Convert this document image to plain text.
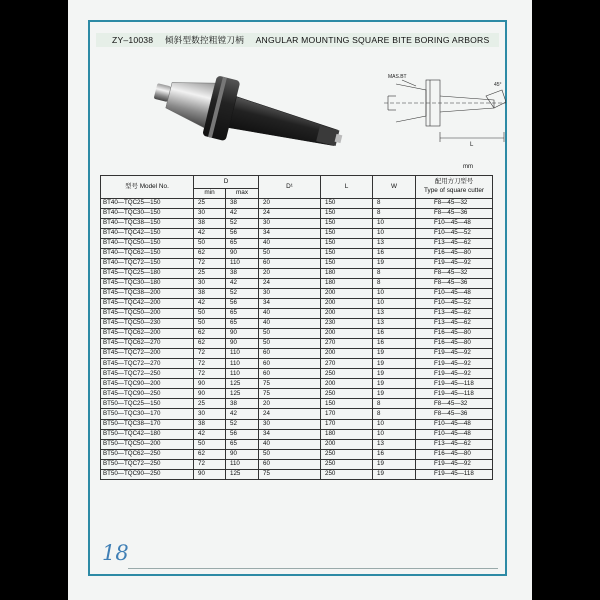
ZY–10038 倾斜型数控粗镗刀柄 ANGULAR MOUNTING SQUARE BITE BORING ARBORS
MAS.BT
L
45°
mm
型号 Model No.	D		D¹	L	W	配用方刀型号
Type of square cutter

	min	max				
BT40—TQC25—150	25	38	20	150	8	F8—45—32
BT40—TQC30—150	30	42	24	150	8	F8—45—36
BT40—TQC38—150	38	52	30	150	10	F10—45—48
BT40—TQC42—150	42	56	34	150	10	F10—45—52
BT40—TQC50—150	50	65	40	150	13	F13—45—62
BT40—TQC62—150	62	90	50	150	16	F16—45—80
BT40—TQC72—150	72	110	60	150	19	F19—45—92
BT45—TQC25—180	25	38	20	180	8	F8—45—32
BT45—TQC30—180	30	42	24	180	8	F8—45—36
BT45—TQC38—200	38	52	30	200	10	F10—45—48
BT45—TQC42—200	42	56	34	200	10	F10—45—52
BT45—TQC50—200	50	65	40	200	13	F13—45—62
BT45—TQC50—230	50	65	40	230	13	F13—45—62
BT45—TQC62—200	62	90	50	200	16	F16—45—80
BT45—TQC62—270	62	90	50	270	16	F16—45—80
BT45—TQC72—200	72	110	60	200	19	F19—45—92
BT45—TQC72—270	72	110	60	270	19	F19—45—92
BT45—TQC72—250	72	110	60	250	19	F19—45—92
BT45—TQC90—200	90	125	75	200	19	F19—45—118
BT45—TQC90—250	90	125	75	250	19	F19—45—118
BT50—TQC25—150	25	38	20	150	8	F8—45—32
BT50—TQC30—170	30	42	24	170	8	F8—45—36
BT50—TQC38—170	38	52	30	170	10	F10—45—48
BT50—TQC42—180	42	56	34	180	10	F10—45—48
BT50—TQC50—200	50	65	40	200	13	F13—45—62
BT50—TQC62—250	62	90	50	250	16	F16—45—80
BT50—TQC72—250	72	110	60	250	19	F19—45—92
BT50—TQC90—250	90	125	75	250	19	F19—45—118
18
